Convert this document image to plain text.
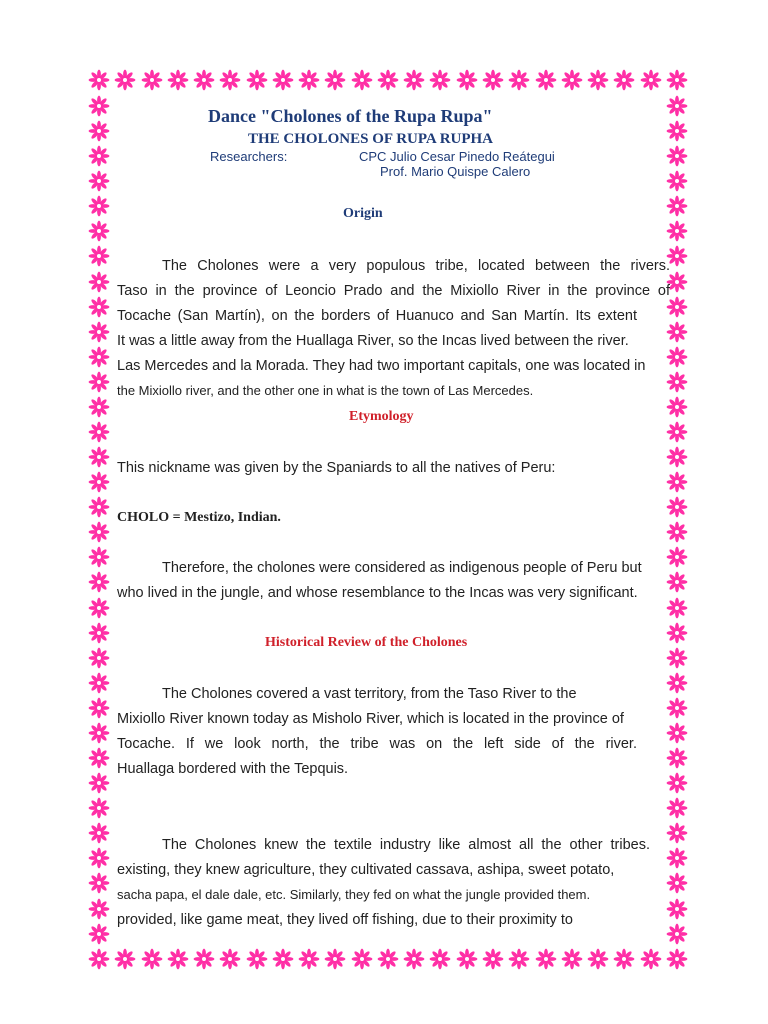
Dance "Cholones of the Rupa Rupa"
THE CHOLONES OF RUPA RUPHA
Researchers:	CPC Julio Cesar Pinedo Reátegui
Prof. Mario Quispe Calero
Origin
The Cholones were a very populous tribe, located between the rivers.
Taso in the province of Leoncio Prado and the Mixiollo River in the province of
Tocache (San Martín), on the borders of Huanuco and San Martín. Its extent
It was a little away from the Huallaga River, so the Incas lived between the river.
Las Mercedes and la Morada. They had two important capitals, one was located in
the Mixiollo river, and the other one in what is the town of Las Mercedes.
Etymology
This nickname was given by the Spaniards to all the natives of Peru:
CHOLO = Mestizo, Indian.
Therefore, the cholones were considered as indigenous people of Peru but
who lived in the jungle, and whose resemblance to the Incas was very significant.
Historical Review of the Cholones
The Cholones covered a vast territory, from the Taso River to the
Mixiollo River known today as Misholo River, which is located in the province of
Tocache. If we look north, the tribe was on the left side of the river.
Huallaga bordered with the Tepquis.
The Cholones knew the textile industry like almost all the other tribes.
existing, they knew agriculture, they cultivated cassava, ashipa, sweet potato,
sacha papa, el dale dale, etc. Similarly, they fed on what the jungle provided them.
provided, like game meat, they lived off fishing, due to their proximity to
